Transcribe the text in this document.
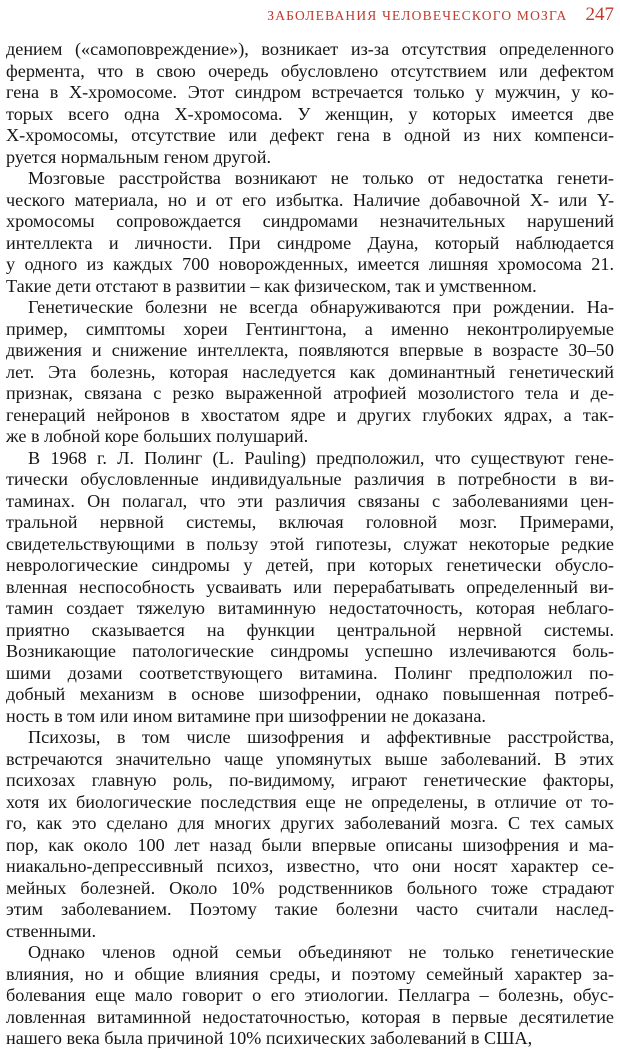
ЗАБОЛЕВАНИЯ ЧЕЛОВЕЧЕСКОГО МОЗГА 247
дением («самоповреждение»), возникает из-за отсутствия определенного
фермента, что в свою очередь обусловлено отсутствием или дефектом
гена в X-хромосоме. Этот синдром встречается только у мужчин, у ко-
торых всего одна X-хромосома. У женщин, у которых имеется две
X-хромосомы, отсутствие или дефект гена в одной из них компенси-
руется нормальным геном другой.
Мозговые расстройства возникают не только от недостатка генети-
ческого материала, но и от его избытка. Наличие добавочной X- или Y-
хромосомы сопровождается синдромами незначительных нарушений
интеллекта и личности. При синдроме Дауна, который наблюдается
у одного из каждых 700 новорожденных, имеется лишняя хромосома 21.
Такие дети отстают в развитии – как физическом, так и умственном.
Генетические болезни не всегда обнаруживаются при рождении. На-
пример, симптомы хореи Гентингтона, а именно неконтролируемые
движения и снижение интеллекта, появляются впервые в возрасте 30–50
лет. Эта болезнь, которая наследуется как доминантный генетический
признак, связана с резко выраженной атрофией мозолистого тела и де-
генераций нейронов в хвостатом ядре и других глубоких ядрах, а так-
же в лобной коре больших полушарий.
В 1968 г. Л. Полинг (L. Pauling) предположил, что существуют гене-
тически обусловленные индивидуальные различия в потребности в ви-
таминах. Он полагал, что эти различия связаны с заболеваниями цен-
тральной нервной системы, включая головной мозг. Примерами,
свидетельствующими в пользу этой гипотезы, служат некоторые редкие
неврологические синдромы у детей, при которых генетически обусло-
вленная неспособность усваивать или перерабатывать определенный ви-
тамин создает тяжелую витаминную недостаточность, которая неблаго-
приятно сказывается на функции центральной нервной системы.
Возникающие патологические синдромы успешно излечиваются боль-
шими дозами соответствующего витамина. Полинг предположил по-
добный механизм в основе шизофрении, однако повышенная потреб-
ность в том или ином витамине при шизофрении не доказана.
Психозы, в том числе шизофрения и аффективные расстройства,
встречаются значительно чаще упомянутых выше заболеваний. В этих
психозах главную роль, по-видимому, играют генетические факторы,
хотя их биологические последствия еще не определены, в отличие от то-
го, как это сделано для многих других заболеваний мозга. С тех самых
пор, как около 100 лет назад были впервые описаны шизофрения и ма-
ниакально-депрессивный психоз, известно, что они носят характер се-
мейных болезней. Около 10% родственников больного тоже страдают
этим заболеванием. Поэтому такие болезни часто считали наслед-
ственными.
Однако членов одной семьи объединяют не только генетические
влияния, но и общие влияния среды, и поэтому семейный характер за-
болевания еще мало говорит о его этиологии. Пеллагра – болезнь, обус-
ловленная витаминной недостаточностью, которая в первые десятилетие
нашего века была причиной 10% психических заболеваний в США,
